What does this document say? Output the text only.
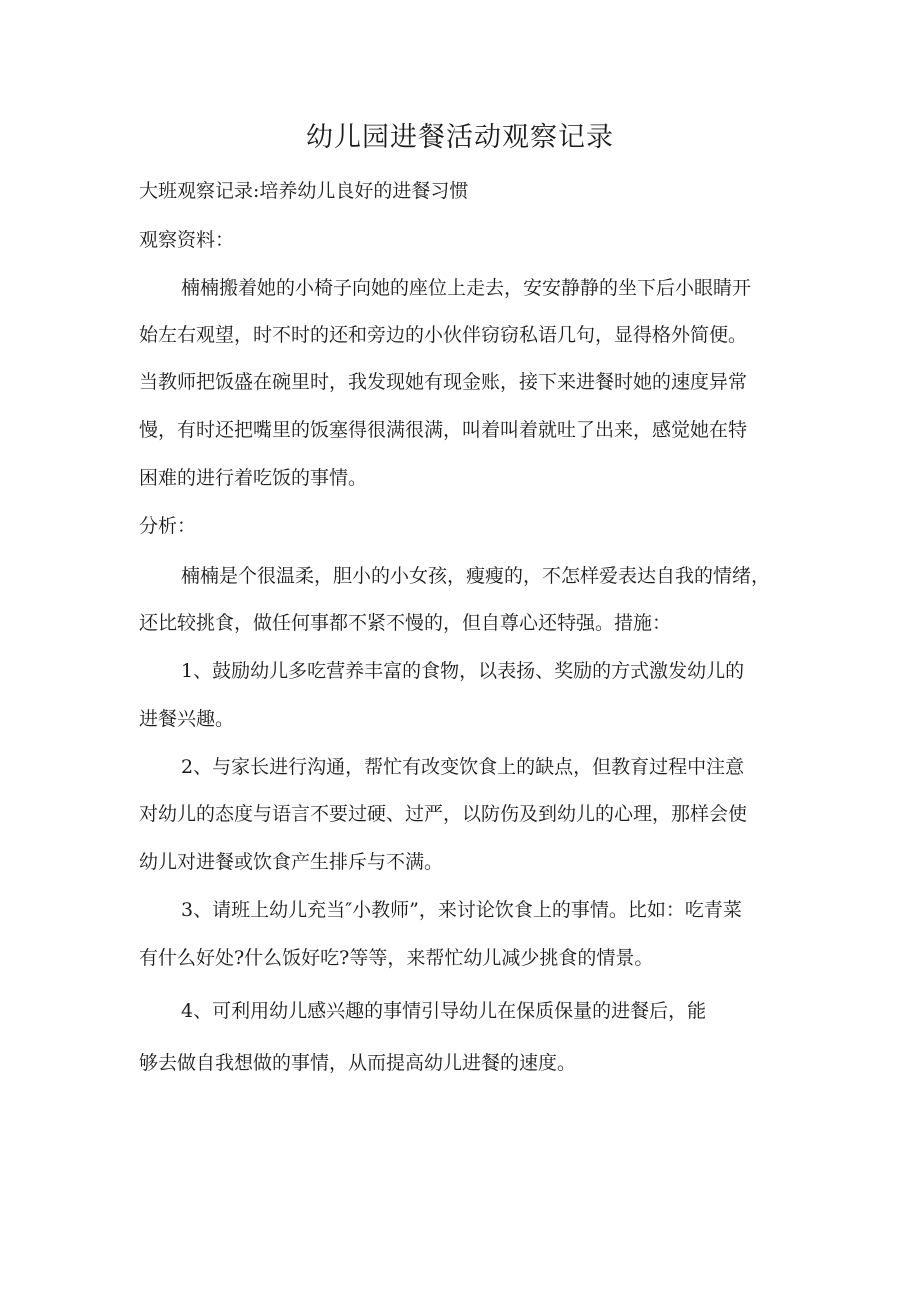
幼儿园进餐活动观察记录
大班观察记录:培养幼儿良好的进餐习惯
观察资料：
楠楠搬着她的小椅子向她的座位上走去，安安静静的坐下后小眼睛开
始左右观望，时不时的还和旁边的小伙伴窃窃私语几句，显得格外简便。
当教师把饭盛在碗里时，我发现她有现金账，接下来进餐时她的速度异常
慢，有时还把嘴里的饭塞得很满很满，叫着叫着就吐了出来，感觉她在特
困难的进行着吃饭的事情。
分析：
楠楠是个很温柔，胆小的小女孩，瘦瘦的，不怎样爱表达自我的情绪，
还比较挑食，做任何事都不紧不慢的，但自尊心还特强。措施：
1、鼓励幼儿多吃营养丰富的食物，以表扬、奖励的方式激发幼儿的
进餐兴趣。
2、与家长进行沟通，帮忙有改变饮食上的缺点，但教育过程中注意
对幼儿的态度与语言不要过硬、过严，以防伤及到幼儿的心理，那样会使
幼儿对进餐或饮食产生排斥与不满。
3、请班上幼儿充当″小教师”，来讨论饮食上的事情。比如：吃青菜
有什么好处?什么饭好吃?等等，来帮忙幼儿减少挑食的情景。
4、可利用幼儿感兴趣的事情引导幼儿在保质保量的进餐后，能
够去做自我想做的事情，从而提高幼儿进餐的速度。
